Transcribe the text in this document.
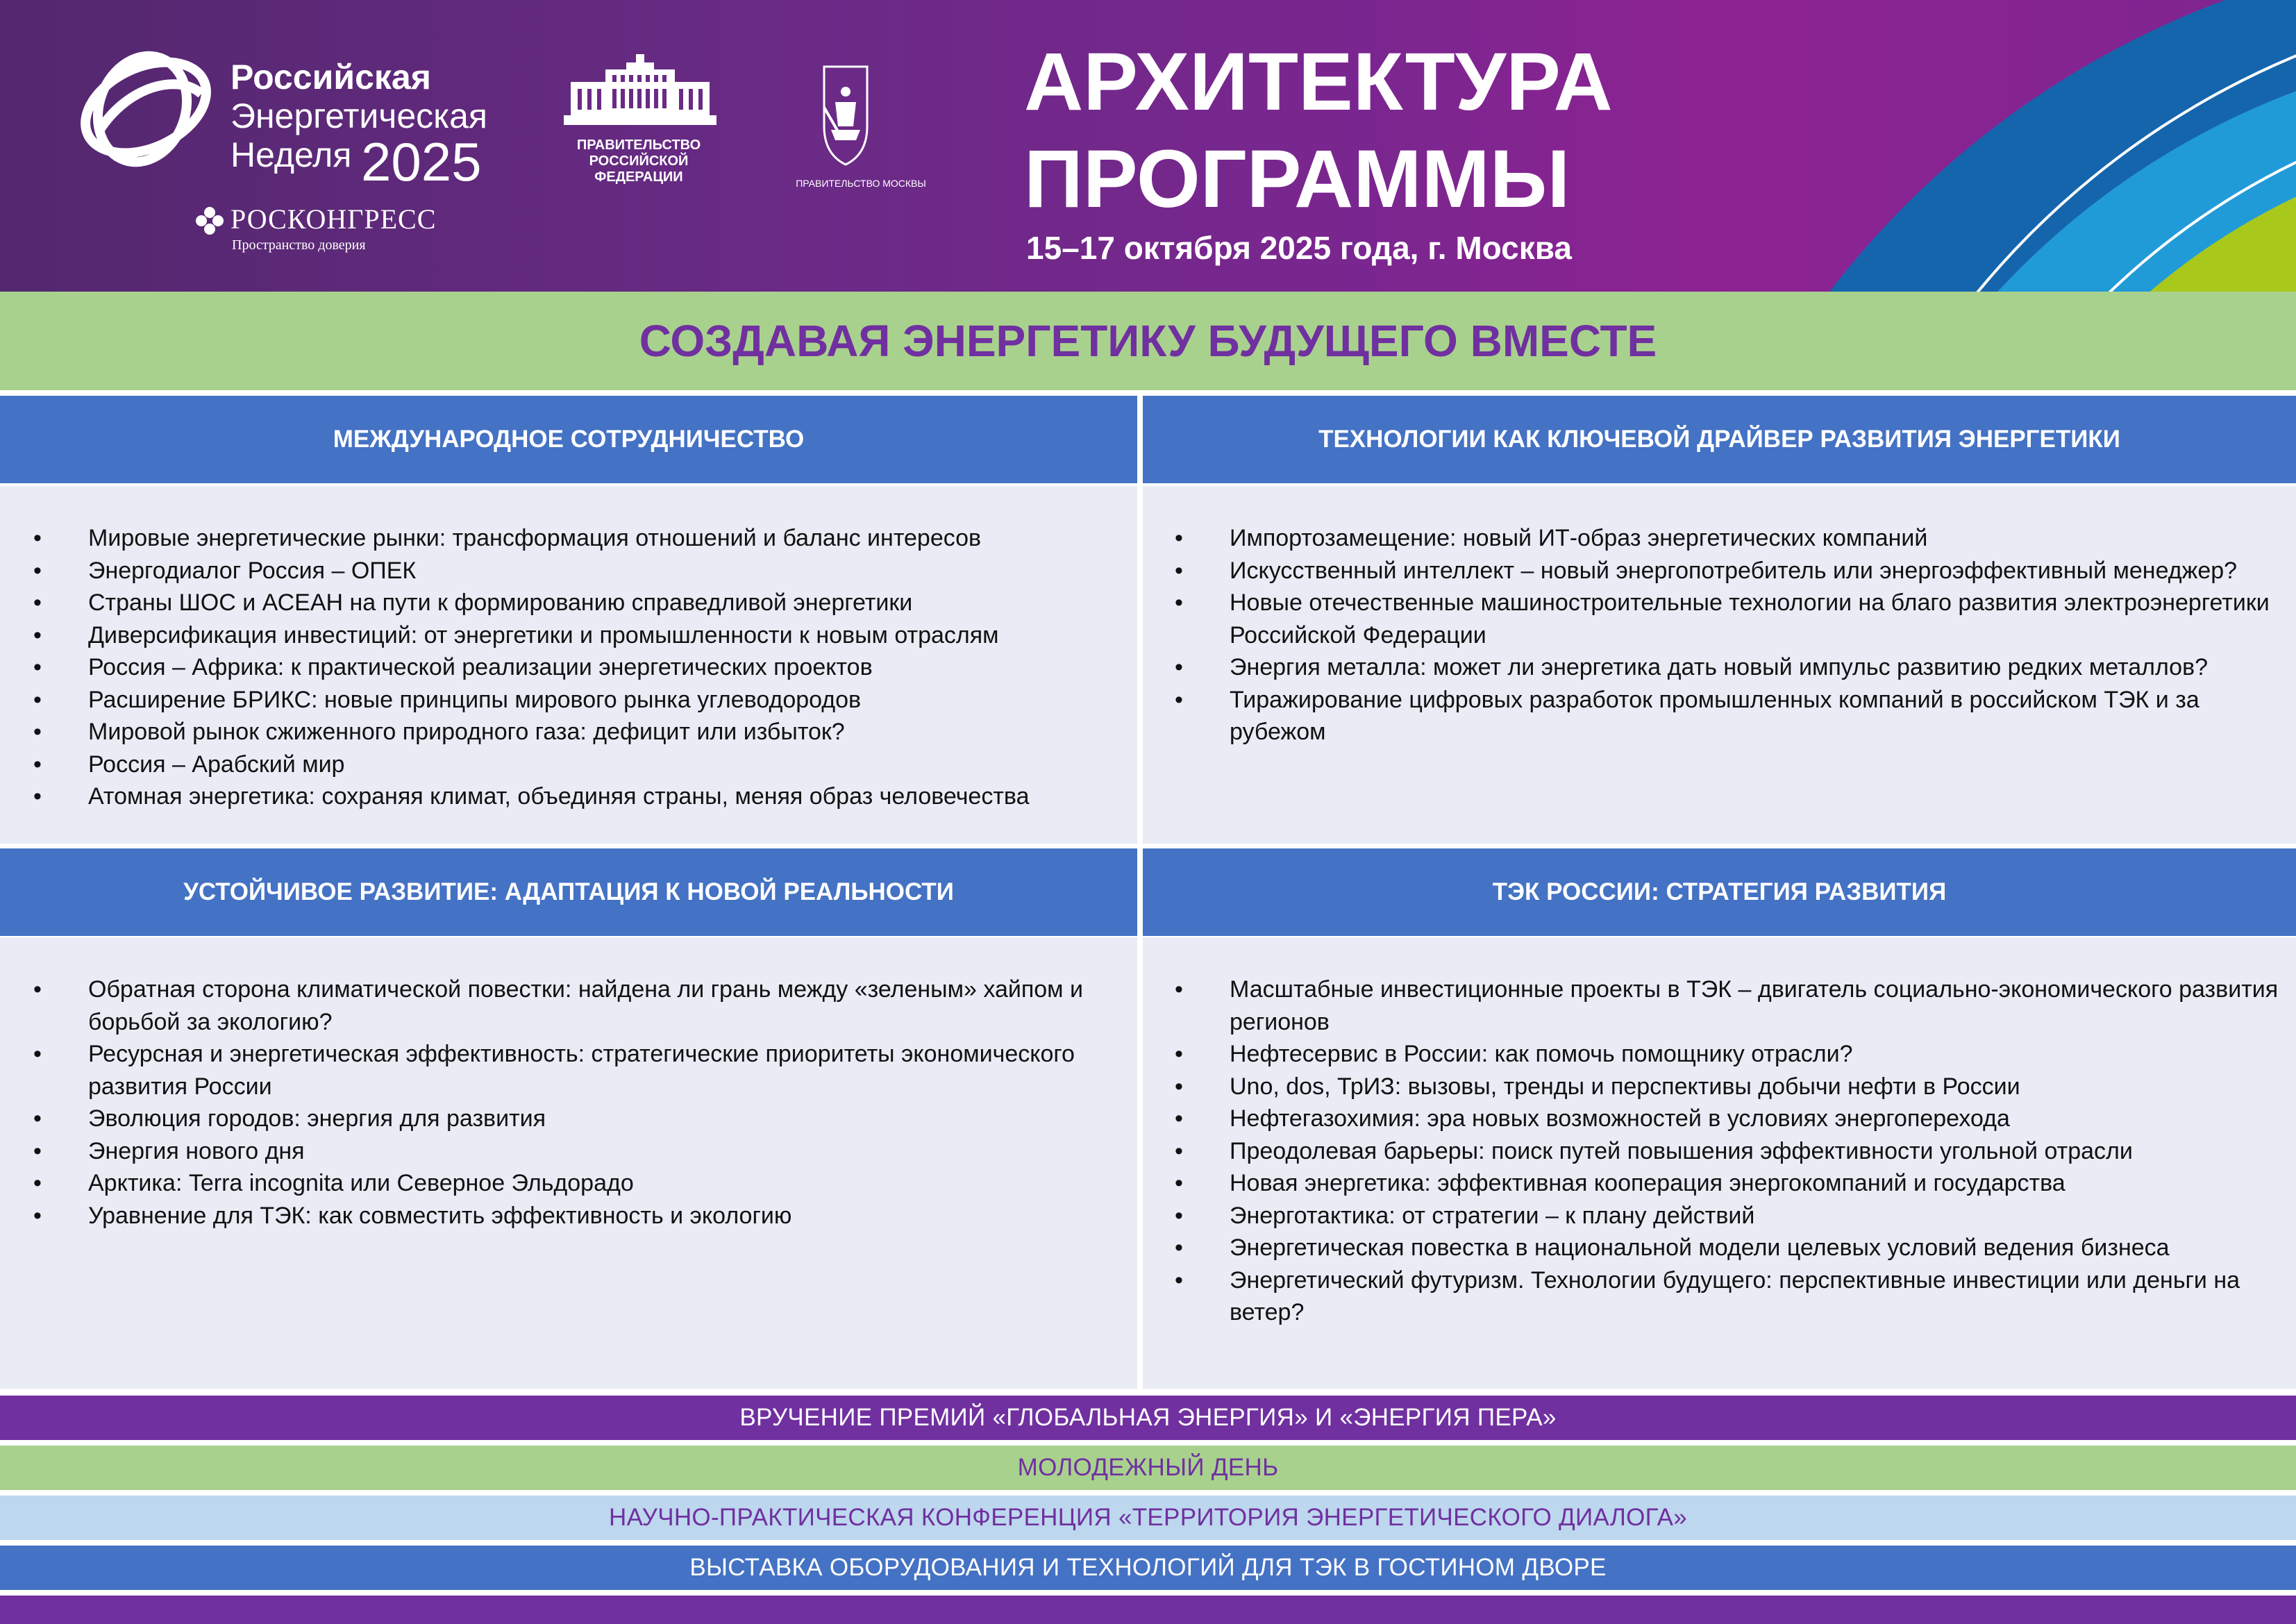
Российская
Энергетическая
Неделя 2025
РОСКОНГРЕСС
Пространство доверия
ПРАВИТЕЛЬСТВО
РОССИЙСКОЙ
ФЕДЕРАЦИИ	ПРАВИТЕЛЬСТВО МОСКВЫ
АРХИТЕКТУРА
ПРОГРАММЫ
15–17 октября 2025 года, г. Москва
СОЗДАВАЯ ЭНЕРГЕТИКУ БУДУЩЕГО ВМЕСТЕ
МЕЖДУНАРОДНОЕ СОТРУДНИЧЕСТВО
• Мировые энергетические рынки: трансформация отношений и баланс интересов
• Энергодиалог Россия – ОПЕК
• Страны ШОС и АСЕАН на пути к формированию справедливой энергетики
• Диверсификация инвестиций: от энергетики и промышленности к новым отраслям
• Россия – Африка: к практической реализации энергетических проектов
• Расширение БРИКС: новые принципы мирового рынка углеводородов
• Мировой рынок сжиженного природного газа: дефицит или избыток?
• Россия – Арабский мир
• Атомная энергетика: сохраняя климат, объединяя страны, меняя образ человечества
ТЕХНОЛОГИИ КАК КЛЮЧЕВОЙ ДРАЙВЕР РАЗВИТИЯ ЭНЕРГЕТИКИ
• Импортозамещение: новый ИТ-образ энергетических компаний
• Искусственный интеллект – новый энергопотребитель или энергоэффективный менеджер?
• Новые отечественные машиностроительные технологии на благо развития электроэнергетики Российской Федерации
• Энергия металла: может ли энергетика дать новый импульс развитию редких металлов?
• Тиражирование цифровых разработок промышленных компаний в российском ТЭК и за рубежом
УСТОЙЧИВОЕ РАЗВИТИЕ: АДАПТАЦИЯ К НОВОЙ РЕАЛЬНОСТИ
• Обратная сторона климатической повестки: найдена ли грань между «зеленым» хайпом и борьбой за экологию?
• Ресурсная и энергетическая эффективность: стратегические приоритеты экономического развития России
• Эволюция городов: энергия для развития
• Энергия нового дня
• Арктика: Terra incognita или Северное Эльдорадо
• Уравнение для ТЭК: как совместить эффективность и экологию
ТЭК РОССИИ: СТРАТЕГИЯ РАЗВИТИЯ
• Масштабные инвестиционные проекты в ТЭК – двигатель социально-экономического развития регионов
• Нефтесервис в России: как помочь помощнику отрасли?
• Uno, dos, ТрИЗ: вызовы, тренды и перспективы добычи нефти в России
• Нефтегазохимия: эра новых возможностей в условиях энергоперехода
• Преодолевая барьеры: поиск путей повышения эффективности угольной отрасли
• Новая энергетика: эффективная кооперация энергокомпаний и государства
• Энерготактика: от стратегии – к плану действий
• Энергетическая повестка в национальной модели целевых условий ведения бизнеса
• Энергетический футуризм. Технологии будущего: перспективные инвестиции или деньги на ветер?
ВРУЧЕНИЕ ПРЕМИЙ «ГЛОБАЛЬНАЯ ЭНЕРГИЯ» И «ЭНЕРГИЯ ПЕРА»
МОЛОДЕЖНЫЙ ДЕНЬ
НАУЧНО-ПРАКТИЧЕСКАЯ КОНФЕРЕНЦИЯ «ТЕРРИТОРИЯ ЭНЕРГЕТИЧЕСКОГО ДИАЛОГА»
ВЫСТАВКА ОБОРУДОВАНИЯ И ТЕХНОЛОГИЙ ДЛЯ ТЭК В ГОСТИНОМ ДВОРЕ
